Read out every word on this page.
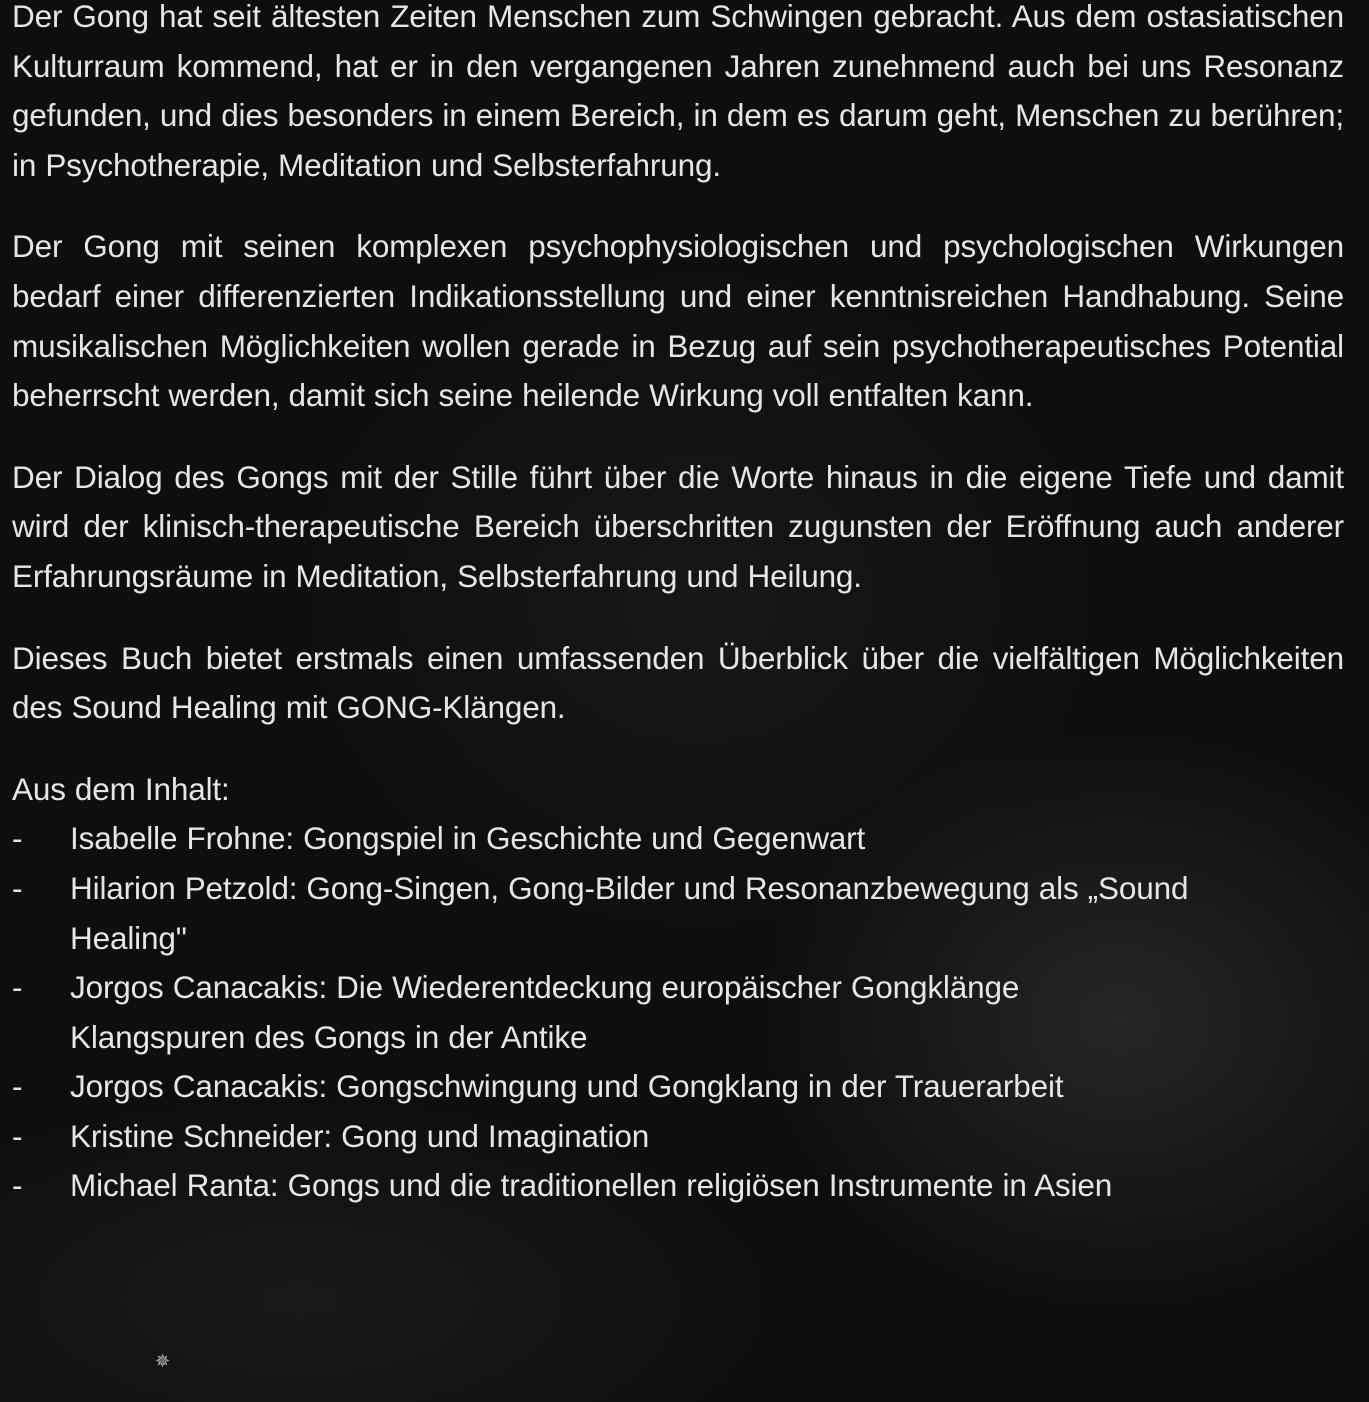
Der Gong hat seit ältesten Zeiten Menschen zum Schwingen gebracht. Aus dem ostasiatischen Kulturraum kommend, hat er in den vergangenen Jahren zunehmend auch bei uns Resonanz gefunden, und dies besonders in einem Bereich, in dem es darum geht, Menschen zu berühren; in Psychotherapie, Meditation und Selbsterfahrung.

Der Gong mit seinen komplexen psychophysiologischen und psychologischen Wirkungen bedarf einer differenzierten Indikationsstellung und einer kenntnisreichen Handhabung. Seine musikalischen Möglichkeiten wollen gerade in Bezug auf sein psychotherapeutisches Potential beherrscht werden, damit sich seine heilende Wirkung voll entfalten kann.

Der Dialog des Gongs mit der Stille führt über die Worte hinaus in die eigene Tiefe und damit wird der klinisch-therapeutische Bereich überschritten zugunsten der Eröffnung auch anderer Erfahrungsräume in Meditation, Selbsterfahrung und Heilung.

Dieses Buch bietet erstmals einen umfassenden Überblick über die vielfältigen Möglichkeiten des Sound Healing mit GONG-Klängen.

Aus dem Inhalt:

-	Isabelle Frohne: Gongspiel in Geschichte und Gegenwart
-	Hilarion Petzold: Gong-Singen, Gong-Bilder und Resonanzbewegung als „Sound
Healing"
-	Jorgos Canacakis: Die Wiederentdeckung europäischer Gongklänge
Klangspuren des Gongs in der Antike
-	Jorgos Canacakis: Gongschwingung und Gongklang in der Trauerarbeit
-	Kristine Schneider: Gong und Imagination
-	Michael Ranta: Gongs und die traditionellen religiösen Instrumente in Asien
✵
